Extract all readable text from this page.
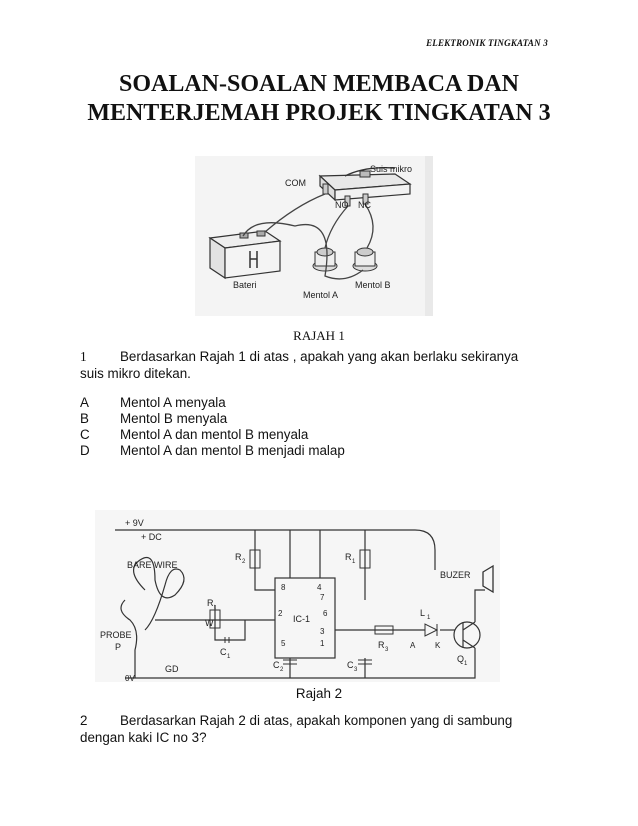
ELEKTRONIK TINGKATAN 3
SOALAN-SOALAN MEMBACA DAN
MENTERJEMAH PROJEK TINGKATAN 3
COM
Suis mikro
NO NC
Bateri
Mentol A
Mentol B
RAJAH 1
1 Berdasarkan Rajah 1 di atas , apakah yang akan berlaku sekiranya
suis mikro ditekan.
A	Mentol A menyala
B	Mentol B menyala
C	Mentol A dan mentol B menyala
D	Mentol A dan mentol B menjadi malap
+ 9V
+ DC
BARE WIRE
PROBE
P
W
GD
0V
BUZER
R 2	R 1
R t
C 1
IC-1
8	4
7
2	6
3
5	1
C 2	C 3
R 3
L 1
A K
Q 1
Rajah 2
2 Berdasarkan Rajah 2 di atas, apakah komponen yang di sambung
dengan kaki IC no 3?
